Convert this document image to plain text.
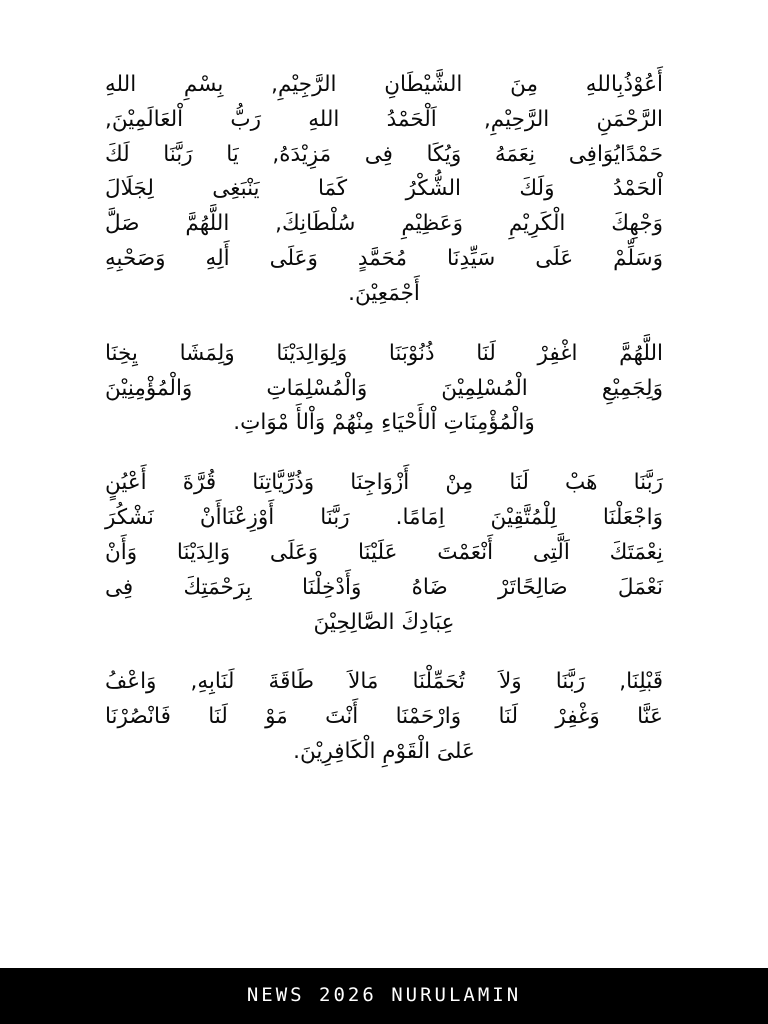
أَعُوْذُبِاللهِ مِنَ الشَّيْطَانِ الرَّجِيْمِ, بِسْمِ اللهِ
الرَّحْمَنِ الرَّحِيْمِ, اَلْحَمْدُ اللهِ رَبُّ اْلعَالَمِيْنَ,
حَمْدًايُوَافِى نِعَمَهُ وَيُكَا فِى مَزِيْدَهُ, يَا رَبَّنَا لَكَ
اْلحَمْدُ وَلَكَ الشُّكْرُ كَمَا يَنْبَغِى لِجَلَالَ
وَجْهِكَ الْكَرِيْمِ وَعَظِيْمِ سُلْطَانِكَ, اللَّهُمَّ صَلَّ
وَسَلِّمْ عَلَى سَيِّدِنَا مُحَمَّدٍ وَعَلَى أَلِهِ وَصَحْبِهِ
أَجْمَعِيْنَ.
اللَّهُمَّ اغْفِرْ لَنَا ذُنُوْبَنَا وَلِوَالِدَيْنَا وَلِمَشَا يِخِنَا
وَلِجَمِيْعِ الْمُسْلِمِيْنَ وَالْمُسْلِمَاتِ وَالْمُؤْمِنِيْنَ
وَالْمُؤْمِنَاتِ اْلأَحْيَاءِ مِنْهُمْ وَاْلأَ مْوَاتِ.
رَبَّنَا هَبْ لَنَا مِنْ أَزْوَاجِنَا وَذُرِّيَّاتِنَا قُرَّةَ أَعْيُنٍ
وَاجْعَلْنَا لِلْمُتَّقِيْنَ اِمَامًا. رَبَّنَا أَوْزِعْنَاأَنْ نَشْكُرَ
نِعْمَتَكَ اَلَّتِى أَنْعَمْتَ عَلَيْنَا وَعَلَى وَالِدَيْنَا وَأَنْ
نَعْمَلَ صَالِحًاتَرْ ضَاهُ وَأَدْخِلْنَا بِرَحْمَتِكَ فِى
عِبَادِكَ الصَّالِحِيْنَ
قَبْلِنَا, رَبَّنَا وَلاَ تُحَمِّلْنَا مَالاَ طَاقَةَ لَنَابِهِ, وَاعْفُ
عَنَّا وَغْفِرْ لَنَا وَارْحَمْنَا أَنْتَ مَوْ لَنَا فَانْصُرْنَا
عَلىَ الْقَوْمِ الْكَافِرِيْنَ.
NEWS 2026 NURULAMIN
